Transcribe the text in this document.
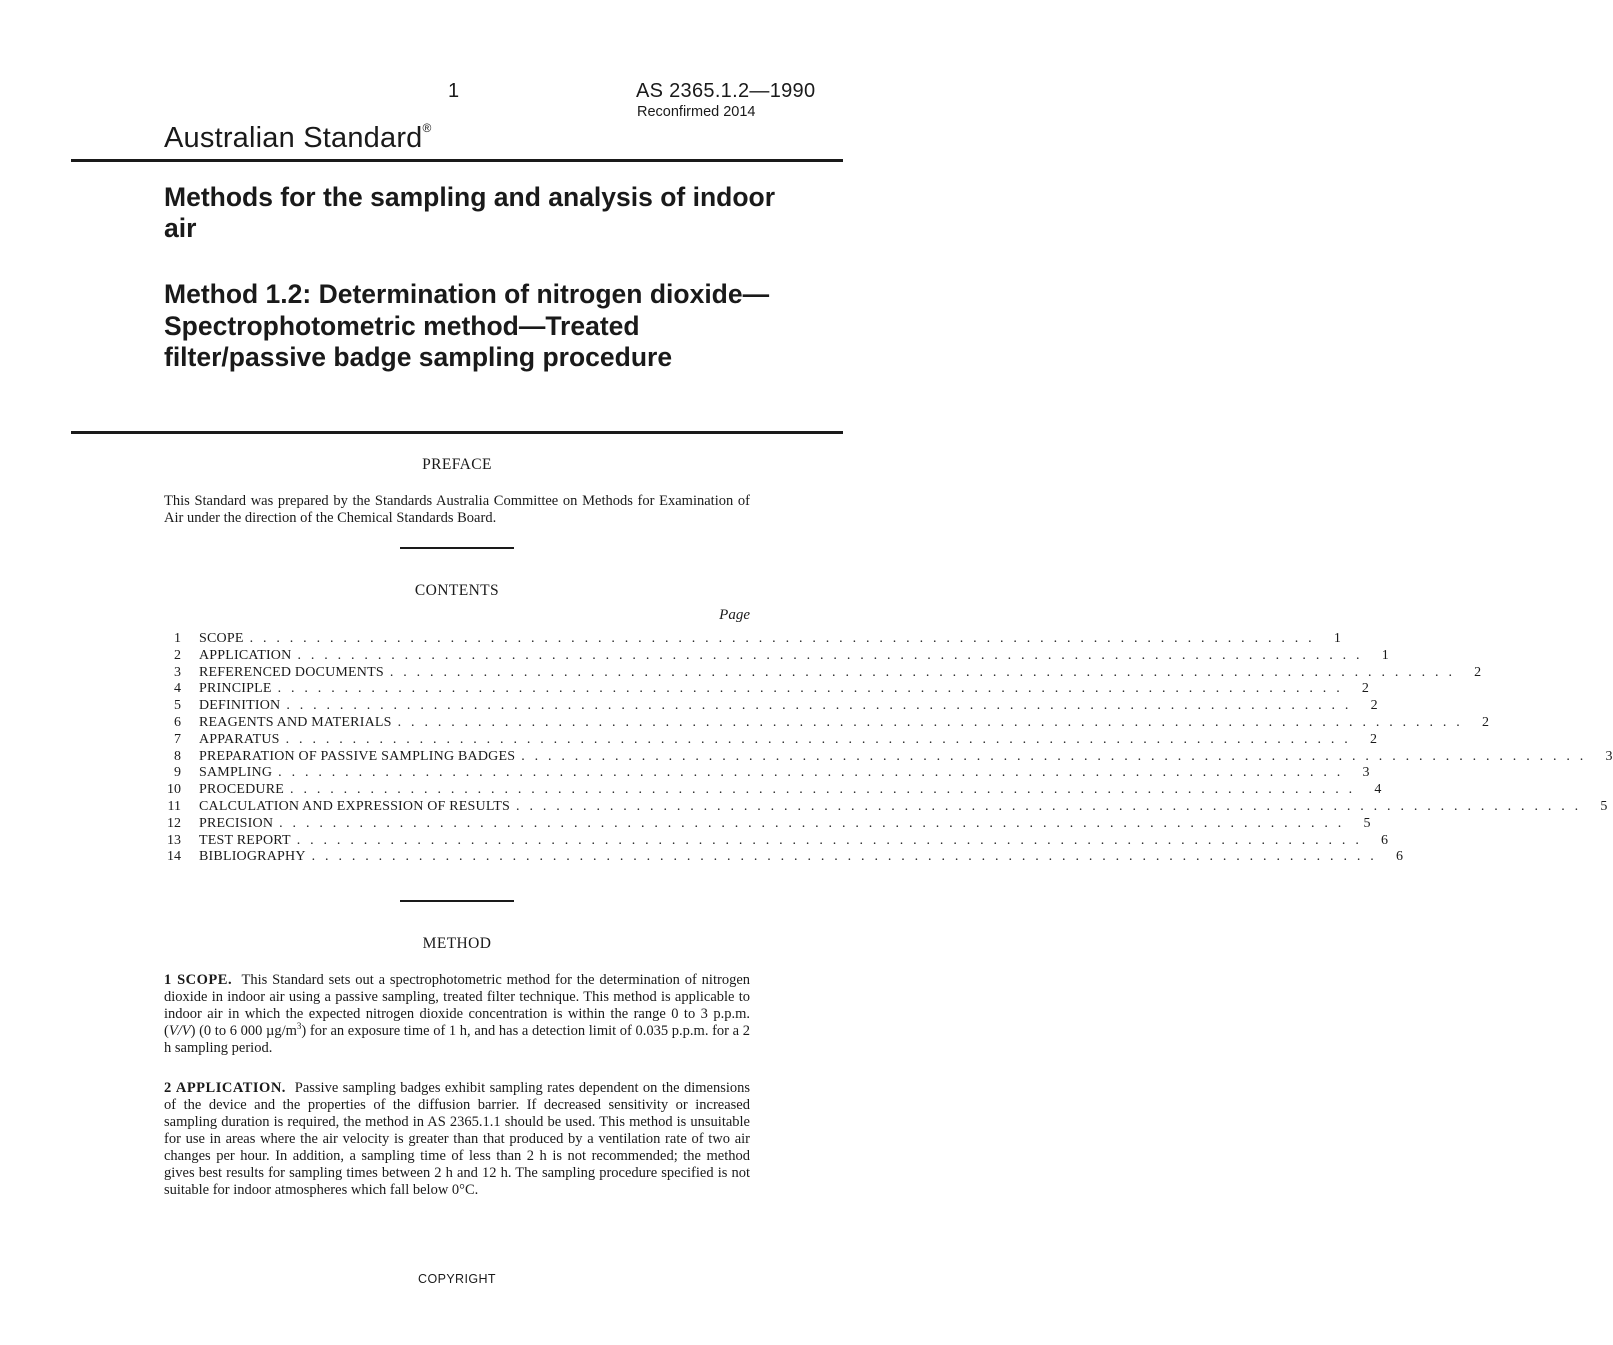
1	AS 2365.1.2—1990
Reconfirmed 2014
Australian Standard®
Methods for the sampling and analysis of indoor air
Method 1.2: Determination of nitrogen dioxide—Spectrophotometric method—Treated filter/passive badge sampling procedure
PREFACE
This Standard was prepared by the Standards Australia Committee on Methods for Examination of Air under the direction of the Chemical Standards Board.
CONTENTS
Page
1 SCOPE . . . . . . . . . . . . . . . . . . . . . . . . . . . . . . . . . . . . . . . . . . . . . . . . . . . . . . . . . . . . . . . . . . . . . . . . . . . . . . . .	1
2 APPLICATION . . . . . . . . . . . . . . . . . . . . . . . . . . . . . . . . . . . . . . . . . . . . . . . . . . . . . . . . . . . . . . . . . . . . . . . . . . . . . . . .	1
3 REFERENCED DOCUMENTS . . . . . . . . . . . . . . . . . . . . . . . . . . . . . . . . . . . . . . . . . . . . . . . . . . . . . . . . . . . . . . . . . . . . . . . . . . . . . . . .	2
4 PRINCIPLE . . . . . . . . . . . . . . . . . . . . . . . . . . . . . . . . . . . . . . . . . . . . . . . . . . . . . . . . . . . . . . . . . . . . . . . . . . . . . . . .	2
5 DEFINITION . . . . . . . . . . . . . . . . . . . . . . . . . . . . . . . . . . . . . . . . . . . . . . . . . . . . . . . . . . . . . . . . . . . . . . . . . . . . . . . .	2
6 REAGENTS AND MATERIALS . . . . . . . . . . . . . . . . . . . . . . . . . . . . . . . . . . . . . . . . . . . . . . . . . . . . . . . . . . . . . . . . . . . . . . . . . . . . . . . .	2
7 APPARATUS . . . . . . . . . . . . . . . . . . . . . . . . . . . . . . . . . . . . . . . . . . . . . . . . . . . . . . . . . . . . . . . . . . . . . . . . . . . . . . . .	2
8 PREPARATION OF PASSIVE SAMPLING BADGES . . . . . . . . . . . . . . . . . . . . . . . . . . . . . . . . . . . . . . . . . . . . . . . . . . . . . . . . . . . . . . . . . . . . . . . . . . . . . . . .	3
9 SAMPLING . . . . . . . . . . . . . . . . . . . . . . . . . . . . . . . . . . . . . . . . . . . . . . . . . . . . . . . . . . . . . . . . . . . . . . . . . . . . . . . .	3
10 PROCEDURE . . . . . . . . . . . . . . . . . . . . . . . . . . . . . . . . . . . . . . . . . . . . . . . . . . . . . . . . . . . . . . . . . . . . . . . . . . . . . . . .	4
11 CALCULATION AND EXPRESSION OF RESULTS . . . . . . . . . . . . . . . . . . . . . . . . . . . . . . . . . . . . . . . . . . . . . . . . . . . . . . . . . . . . . . . . . . . . . . . . . . . . . . . .	5
12 PRECISION . . . . . . . . . . . . . . . . . . . . . . . . . . . . . . . . . . . . . . . . . . . . . . . . . . . . . . . . . . . . . . . . . . . . . . . . . . . . . . . .	5
13 TEST REPORT . . . . . . . . . . . . . . . . . . . . . . . . . . . . . . . . . . . . . . . . . . . . . . . . . . . . . . . . . . . . . . . . . . . . . . . . . . . . . . . .	6
14 BIBLIOGRAPHY . . . . . . . . . . . . . . . . . . . . . . . . . . . . . . . . . . . . . . . . . . . . . . . . . . . . . . . . . . . . . . . . . . . . . . . . . . . . . . . .	6
METHOD
1 SCOPE. This Standard sets out a spectrophotometric method for the determination of nitrogen dioxide in indoor air using a passive sampling, treated filter technique. This method is applicable to indoor air in which the expected nitrogen dioxide concentration is within the range 0 to 3 p.p.m. (V/V) (0 to 6 000 $\mu g/m^3$) for an exposure time of 1 h, and has a detection limit of 0.035 p.p.m. for a 2 h sampling period.
2 APPLICATION. Passive sampling badges exhibit sampling rates dependent on the dimensions of the device and the properties of the diffusion barrier. If decreased sensitivity or increased sampling duration is required, the method in AS 2365.1.1 should be used. This method is unsuitable for use in areas where the air velocity is greater than that produced by a ventilation rate of two air changes per hour. In addition, a sampling time of less than 2 h is not recommended; the method gives best results for sampling times between 2 h and 12 h. The sampling procedure specified is not suitable for indoor atmospheres which fall below 0°C.
COPYRIGHT
